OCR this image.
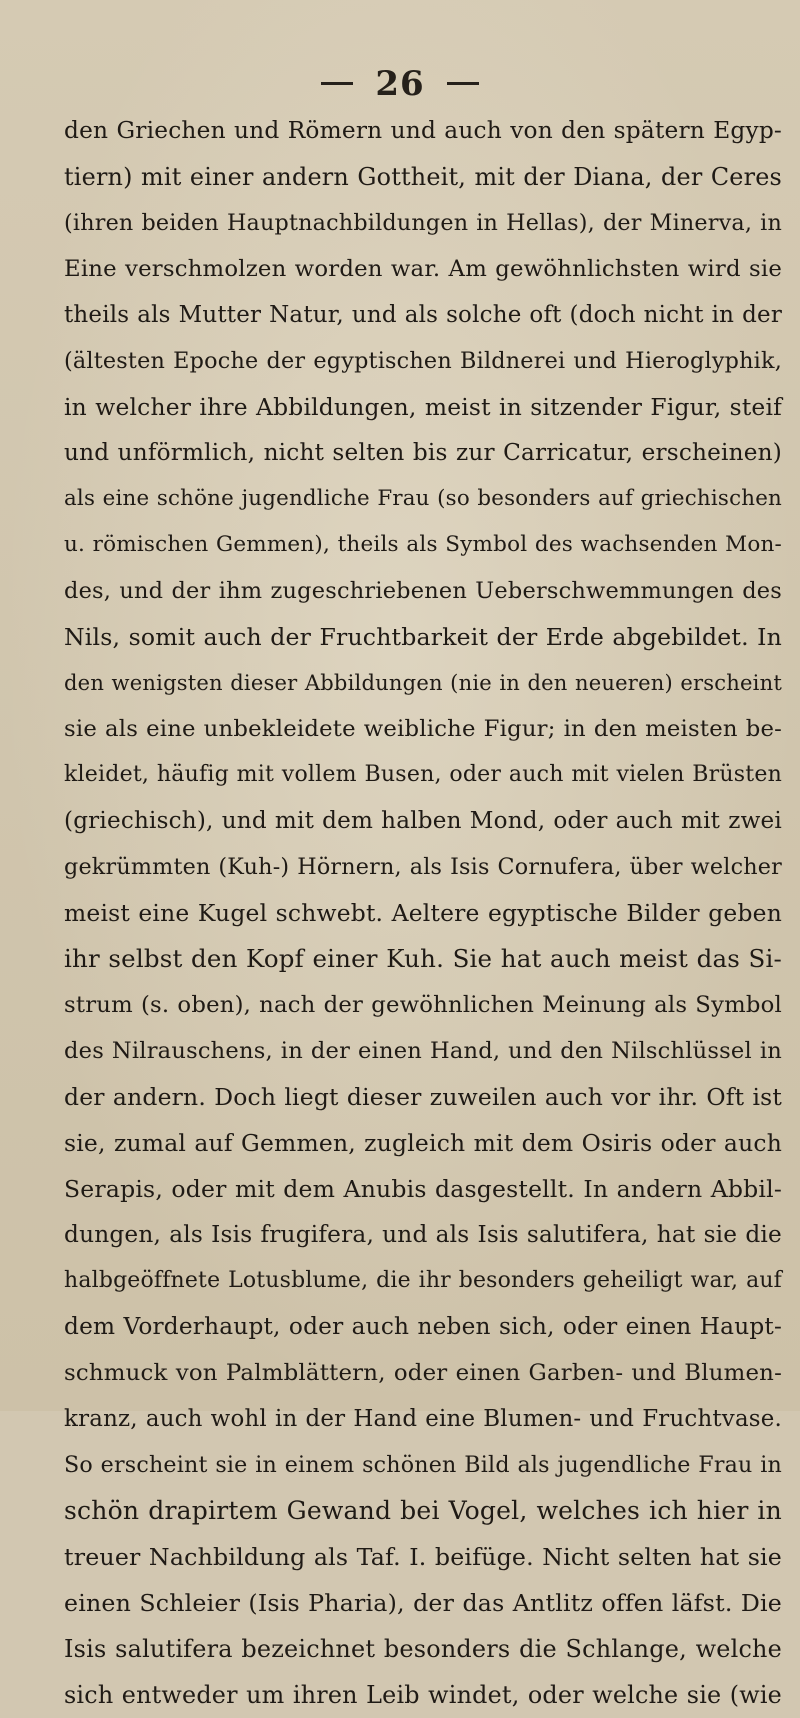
26
den Griechen und Römern und auch von den spätern Egyp-
tiern) mit einer andern Gottheit, mit der Diana, der Ceres
(ihren beiden Hauptnachbildungen in Hellas), der Minerva, in
Eine verschmolzen worden war. Am gewöhnlichsten wird sie
theils als Mutter Natur, und als solche oft (doch nicht in der
(ältesten Epoche der egyptischen Bildnerei und Hieroglyphik,
in welcher ihre Abbildungen, meist in sitzender Figur, steif
und unförmlich, nicht selten bis zur Carricatur, erscheinen)
als eine schöne jugendliche Frau (so besonders auf griechischen
u. römischen Gemmen), theils als Symbol des wachsenden Mon-
des, und der ihm zugeschriebenen Ueberschwemmungen des
Nils, somit auch der Fruchtbarkeit der Erde abgebildet. In
den wenigsten dieser Abbildungen (nie in den neueren) erscheint
sie als eine unbekleidete weibliche Figur; in den meisten be-
kleidet, häufig mit vollem Busen, oder auch mit vielen Brüsten
(griechisch), und mit dem halben Mond, oder auch mit zwei
gekrümmten (Kuh-) Hörnern, als Isis Cornufera, über welcher
meist eine Kugel schwebt. Aeltere egyptische Bilder geben
ihr selbst den Kopf einer Kuh. Sie hat auch meist das Si-
strum (s. oben), nach der gewöhnlichen Meinung als Symbol
des Nilrauschens, in der einen Hand, und den Nilschlüssel in
der andern. Doch liegt dieser zuweilen auch vor ihr. Oft ist
sie, zumal auf Gemmen, zugleich mit dem Osiris oder auch
Serapis, oder mit dem Anubis dasgestellt. In andern Abbil-
dungen, als Isis frugifera, und als Isis salutifera, hat sie die
halbgeöffnete Lotusblume, die ihr besonders geheiligt war, auf
dem Vorderhaupt, oder auch neben sich, oder einen Haupt-
schmuck von Palmblättern, oder einen Garben- und Blumen-
kranz, auch wohl in der Hand eine Blumen- und Fruchtvase.
So erscheint sie in einem schönen Bild als jugendliche Frau in
schön drapirtem Gewand bei Vogel, welches ich hier in
treuer Nachbildung als Taf. I. beifüge. Nicht selten hat sie
einen Schleier (Isis Pharia), der das Antlitz offen läfst. Die
Isis salutifera bezeichnet besonders die Schlange, welche
sich entweder um ihren Leib windet, oder welche sie (wie
